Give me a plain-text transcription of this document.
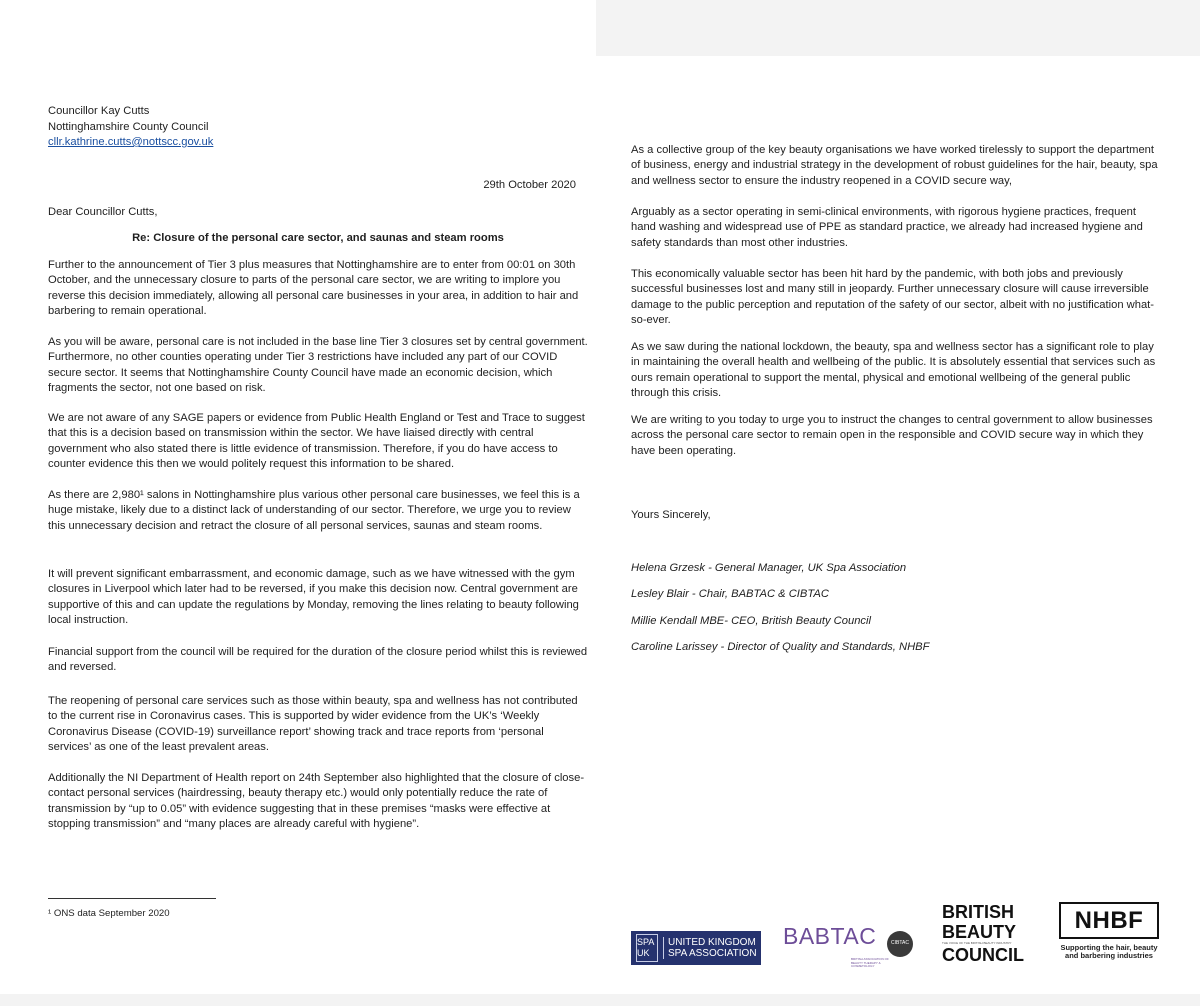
Councillor Kay Cutts

Nottinghamshire County Council

cllr.kathrine.cutts@nottscc.gov.uk

29th October 2020

Dear Councillor Cutts,

Re: Closure of the personal care sector, and saunas and steam rooms

Further to the announcement of Tier 3 plus measures that Nottinghamshire are to enter from 00:01 on 30th October, and the unnecessary closure to parts of the personal care sector, we are writing to implore you reverse this decision immediately, allowing all personal care businesses in your area, in addition to hair and barbering to remain operational.

As you will be aware, personal care is not included in the base line Tier 3 closures set by central government. Furthermore, no other counties operating under Tier 3 restrictions have included any part of our COVID secure sector. It seems that Nottinghamshire County Council have made an economic decision, which fragments the sector, not one based on risk.

We are not aware of any SAGE papers or evidence from Public Health England or Test and Trace to suggest that this is a decision based on transmission within the sector. We have liaised directly with central government who also stated there is little evidence of transmission. Therefore, if you do have access to counter evidence this then we would politely request this information to be shared.

As there are 2,980¹ salons in Nottinghamshire plus various other personal care businesses, we feel this is a huge mistake, likely due to a distinct lack of understanding of our sector. Therefore, we urge you to review this unnecessary decision and retract the closure of all personal services, saunas and steam rooms.

It will prevent significant embarrassment, and economic damage, such as we have witnessed with the gym closures in Liverpool which later had to be reversed, if you make this decision now. Central government are supportive of this and can update the regulations by Monday, removing the lines relating to beauty following local instruction.

Financial support from the council will be required for the duration of the closure period whilst this is reviewed and reversed.

The reopening of personal care services such as those within beauty, spa and wellness has not contributed to the current rise in Coronavirus cases. This is supported by wider evidence from the UK’s ‘Weekly Coronavirus Disease (COVID-19) surveillance report’ showing track and trace reports from ‘personal services’ as one of the least prevalent areas.

Additionally the NI Department of Health report on 24th September also highlighted that the closure of close-contact personal services (hairdressing, beauty therapy etc.) would only potentially reduce the rate of transmission by “up to 0.05” with evidence suggesting that in these premises “masks were effective at stopping transmission” and “many places are already careful with hygiene”.

¹ ONS data September 2020

As a collective group of the key beauty organisations we have worked tirelessly to support the department of business, energy and industrial strategy in the development of robust guidelines for the hair, beauty, spa and wellness sector to ensure the industry reopened in a COVID secure way,

Arguably as a sector operating in semi-clinical environments, with rigorous hygiene practices, frequent hand washing and widespread use of PPE as standard practice, we already had increased hygiene and safety standards than most other industries.

This economically valuable sector has been hit hard by the pandemic, with both jobs and previously successful businesses lost and many still in jeopardy. Further unnecessary closure will cause irreversible damage to the public perception and reputation of the safety of our sector, albeit with no justification what-so-ever.

As we saw during the national lockdown, the beauty, spa and wellness sector has a significant role to play in maintaining the overall health and wellbeing of the public. It is absolutely essential that services such as ours remain operational to support the mental, physical and emotional wellbeing of the general public through this crisis.

We are writing to you today to urge you to instruct the changes to central government to allow businesses across the personal care sector to remain open in the responsible and COVID secure way in which they have been operating.

Yours Sincerely,

Helena Grzesk - General Manager, UK Spa Association

Lesley Blair - Chair, BABTAC & CIBTAC

Millie Kendall MBE- CEO, British Beauty Council

Caroline Larissey - Director of Quality and Standards, NHBF

SPA UK
UNITED KINGDOM
SPA ASSOCIATION
BABTAC	CIBTAC
BRITISH ASSOCIATION OF BEAUTY THERAPY & COSMETOLOGY
BRITISH
BEAUTY
THE VOICE OF THE BRITISH BEAUTY INDUSTRY
COUNCIL
NHBF
Supporting the hair, beauty and barbering industries
